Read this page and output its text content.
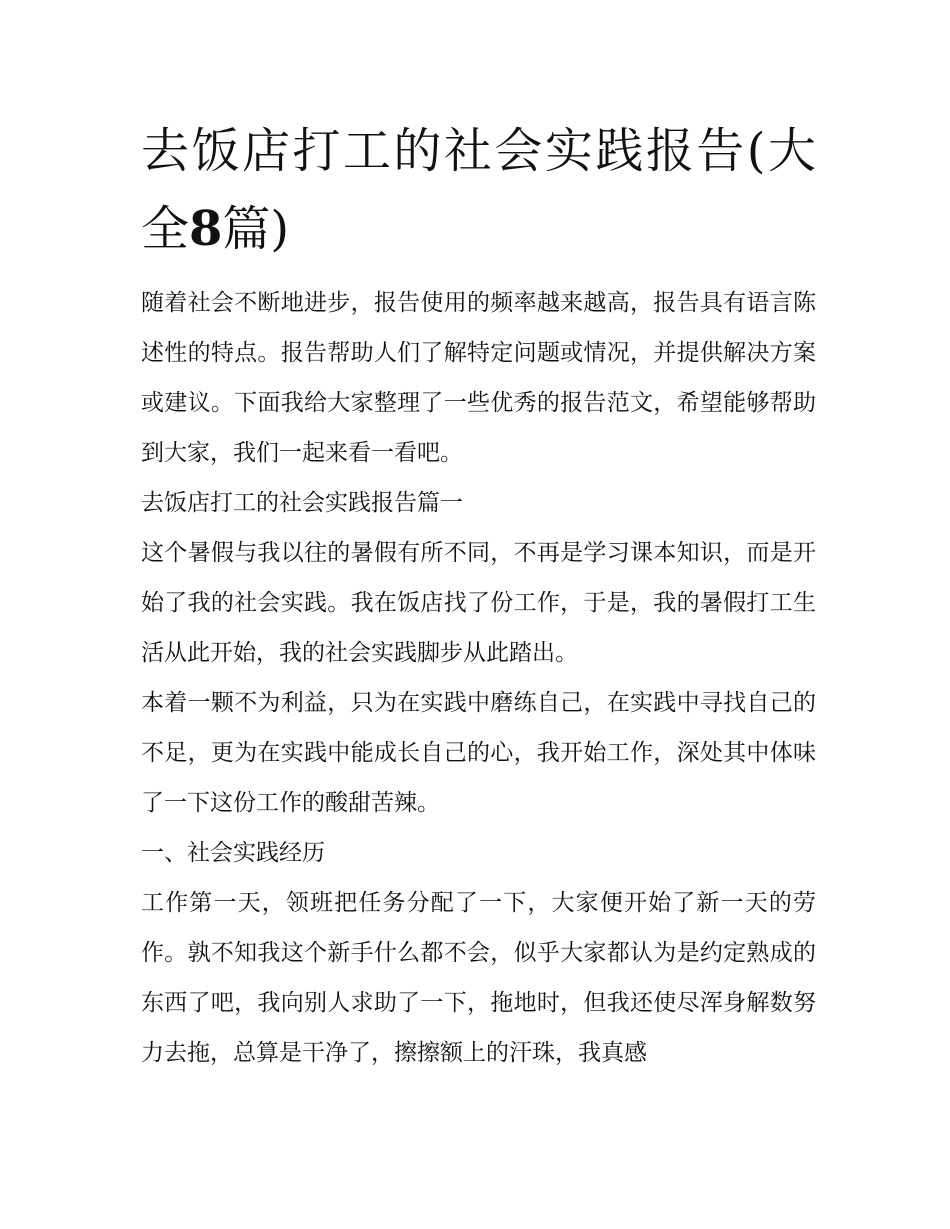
去饭店打工的社会实践报告(大全8篇)

随着社会不断地进步，报告使用的频率越来越高，报告具有语言陈述性的特点。报告帮助人们了解特定问题或情况，并提供解决方案或建议。下面我给大家整理了一些优秀的报告范文，希望能够帮助到大家，我们一起来看一看吧。

去饭店打工的社会实践报告篇一

这个暑假与我以往的暑假有所不同，不再是学习课本知识，而是开始了我的社会实践。我在饭店找了份工作，于是，我的暑假打工生活从此开始，我的社会实践脚步从此踏出。

本着一颗不为利益，只为在实践中磨练自己，在实践中寻找自己的不足，更为在实践中能成长自己的心，我开始工作，深处其中体味了一下这份工作的酸甜苦辣。

一、社会实践经历

工作第一天，领班把任务分配了一下，大家便开始了新一天的劳作。孰不知我这个新手什么都不会，似乎大家都认为是约定熟成的东西了吧，我向别人求助了一下，拖地时，但我还使尽浑身解数努力去拖，总算是干净了，擦擦额上的汗珠，我真感
